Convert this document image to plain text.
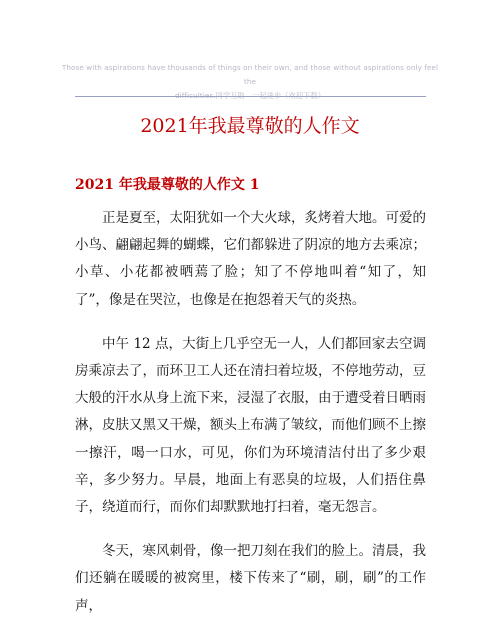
Those with aspirations have thousands of things on their own, and those without aspirations only feel the
difficulties.同学互助　一起进步（欢迎下载）
2021年我最尊敬的人作文
2021 年我最尊敬的人作文 1

正是夏至，太阳犹如一个大火球，炙烤着大地。可爱的小鸟、翩翩起舞的蝴蝶，它们都躲进了阴凉的地方去乘凉；小草、小花都被晒蔫了脸；知了不停地叫着“知了，知了”，像是在哭泣，也像是在抱怨着天气的炎热。

中午 12 点，大街上几乎空无一人，人们都回家去空调房乘凉去了，而环卫工人还在清扫着垃圾，不停地劳动，豆大般的汗水从身上流下来，浸湿了衣服，由于遭受着日晒雨淋，皮肤又黑又干燥，额头上布满了皱纹，而他们顾不上擦一擦汗，喝一口水，可见，你们为环境清洁付出了多少艰辛，多少努力。早晨，地面上有恶臭的垃圾，人们捂住鼻子，绕道而行，而你们却默默地打扫着，毫无怨言。

冬天，寒风刺骨，像一把刀刻在我们的脸上。清晨，我们还躺在暖暖的被窝里，楼下传来了“刷，刷，刷”的工作声，
